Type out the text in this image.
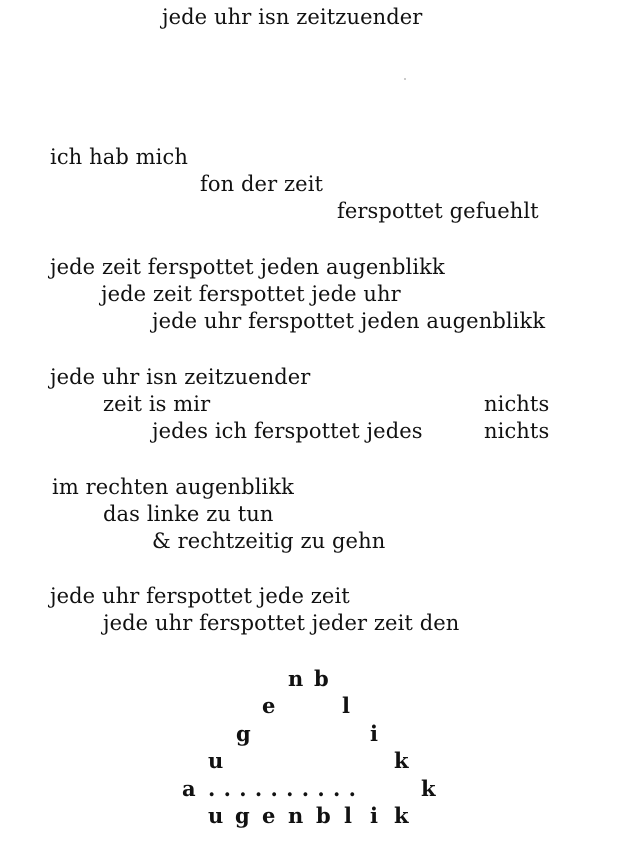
jede uhr isn zeitzuender
ich hab mich
fon der zeit
ferspottet gefuehlt
jede zeit ferspottet jeden augenblikk
jede zeit ferspottet jede uhr
jede uhr ferspottet jeden augenblikk
jede uhr isn zeitzuender
zeit is mir	nichts
jedes ich ferspottet jedes	nichts
im rechten augenblikk
das linke zu tun
& rechtzeitig zu gehn
jede uhr ferspottet jede zeit
jede uhr ferspottet jeder zeit den
n b
e	l
g	i
u	k
a . . . . . . . . . .	k
u g e n b l i k
